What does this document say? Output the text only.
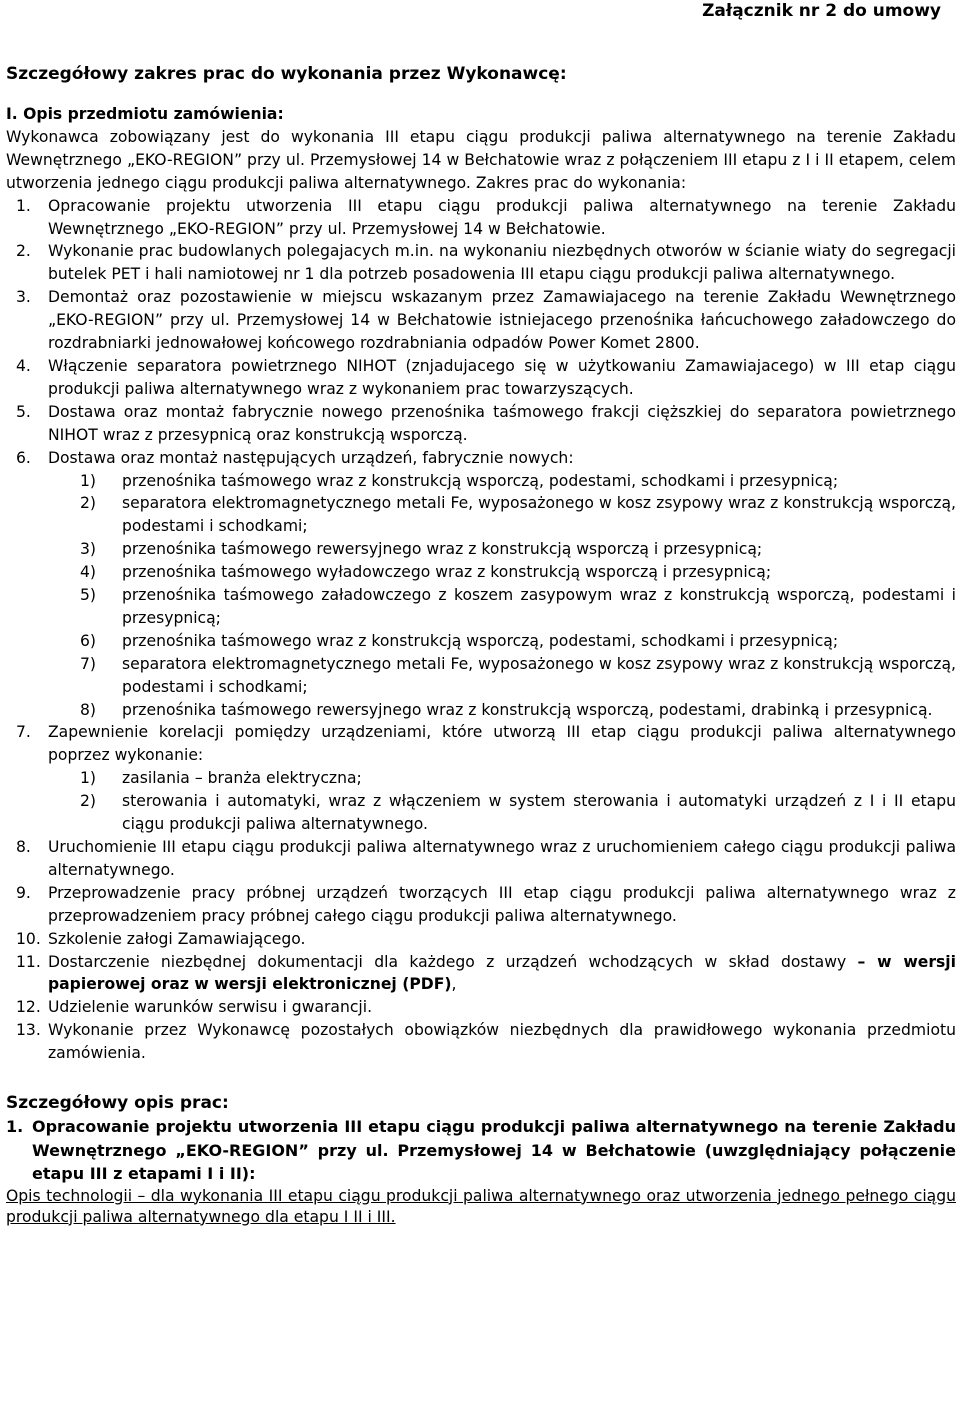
Załącznik nr 2 do umowy
Szczegółowy zakres prac do wykonania przez Wykonawcę:
I. Opis przedmiotu zamówienia:
Wykonawca zobowiązany jest do wykonania III etapu ciągu produkcji paliwa alternatywnego na terenie Zakładu Wewnętrznego „EKO-REGION” przy ul. Przemysłowej 14 w Bełchatowie wraz z połączeniem III etapu z I i II etapem, celem utworzenia jednego ciągu produkcji paliwa alternatywnego. Zakres prac do wykonania:
1.	Opracowanie projektu utworzenia III etapu ciągu produkcji paliwa alternatywnego na terenie Zakładu Wewnętrznego „EKO-REGION” przy ul. Przemysłowej 14 w Bełchatowie.
2.	Wykonanie prac budowlanych polegajacych m.in. na wykonaniu niezbędnych otworów w ścianie wiaty do segregacji butelek PET i hali namiotowej nr 1 dla potrzeb posadowenia III etapu ciągu produkcji paliwa alternatywnego.
3.	Demontaż oraz pozostawienie w miejscu wskazanym przez Zamawiajacego na terenie Zakładu Wewnętrznego „EKO-REGION” przy ul. Przemysłowej 14 w Bełchatowie istniejacego przenośnika łańcuchowego załadowczego do rozdrabniarki jednowałowej końcowego rozdrabniania odpadów Power Komet 2800.
4.	Włączenie separatora powietrznego NIHOT (znjadujacego się w użytkowaniu Zamawiajacego) w III etap ciągu produkcji paliwa alternatywnego wraz z wykonaniem prac towarzyszących.
5.	Dostawa oraz montaż fabrycznie nowego przenośnika taśmowego frakcji cięższkiej do separatora powietrznego NIHOT wraz z przesypnicą oraz konstrukcją wsporczą.
6.	Dostawa oraz montaż następujących urządzeń, fabrycznie nowych:
1)	przenośnika taśmowego wraz z konstrukcją wsporczą, podestami, schodkami i przesypnicą;
2)	separatora elektromagnetycznego metali Fe, wyposażonego w kosz zsypowy wraz z konstrukcją wsporczą, podestami i schodkami;
3)	przenośnika taśmowego rewersyjnego wraz z konstrukcją wsporczą i przesypnicą;
4)	przenośnika taśmowego wyładowczego wraz z konstrukcją wsporczą i przesypnicą;
5)	przenośnika taśmowego załadowczego z koszem zasypowym wraz z konstrukcją wsporczą, podestami i przesypnicą;
6)	przenośnika taśmowego wraz z konstrukcją wsporczą, podestami, schodkami i przesypnicą;
7)	separatora elektromagnetycznego metali Fe, wyposażonego w kosz zsypowy wraz z konstrukcją wsporczą, podestami i schodkami;
8)	przenośnika taśmowego rewersyjnego wraz z konstrukcją wsporczą, podestami, drabinką i przesypnicą.
7.	Zapewnienie korelacji pomiędzy urządzeniami, które utworzą III etap ciągu produkcji paliwa alternatywnego poprzez wykonanie:
1)	zasilania – branża elektryczna;
2)	sterowania i automatyki, wraz z włączeniem w system sterowania i automatyki urządzeń z I i II etapu ciągu produkcji paliwa alternatywnego.
8.	Uruchomienie III etapu ciągu produkcji paliwa alternatywnego wraz z uruchomieniem całego ciągu produkcji paliwa alternatywnego.
9.	Przeprowadzenie pracy próbnej urządzeń tworzących III etap ciągu produkcji paliwa alternatywnego wraz z przeprowadzeniem pracy próbnej całego ciągu produkcji paliwa alternatywnego.
10. Szkolenie załogi Zamawiającego.
11. Dostarczenie niezbędnej dokumentacji dla każdego z urządzeń wchodzących w skład dostawy – w wersji papierowej oraz w wersji elektronicznej (PDF),
12. Udzielenie warunków serwisu i gwarancji.
13. Wykonanie przez Wykonawcę pozostałych obowiązków niezbędnych dla prawidłowego wykonania przedmiotu zamówienia.
Szczegółowy opis prac:
1. Opracowanie projektu utworzenia III etapu ciągu produkcji paliwa alternatywnego na terenie Zakładu Wewnętrznego „EKO-REGION” przy ul. Przemysłowej 14 w Bełchatowie (uwzględniający połączenie etapu III z etapami I i II):
Opis technologii – dla wykonania III etapu ciągu produkcji paliwa alternatywnego oraz utworzenia jednego pełnego ciągu produkcji paliwa alternatywnego dla etapu I II i III.
